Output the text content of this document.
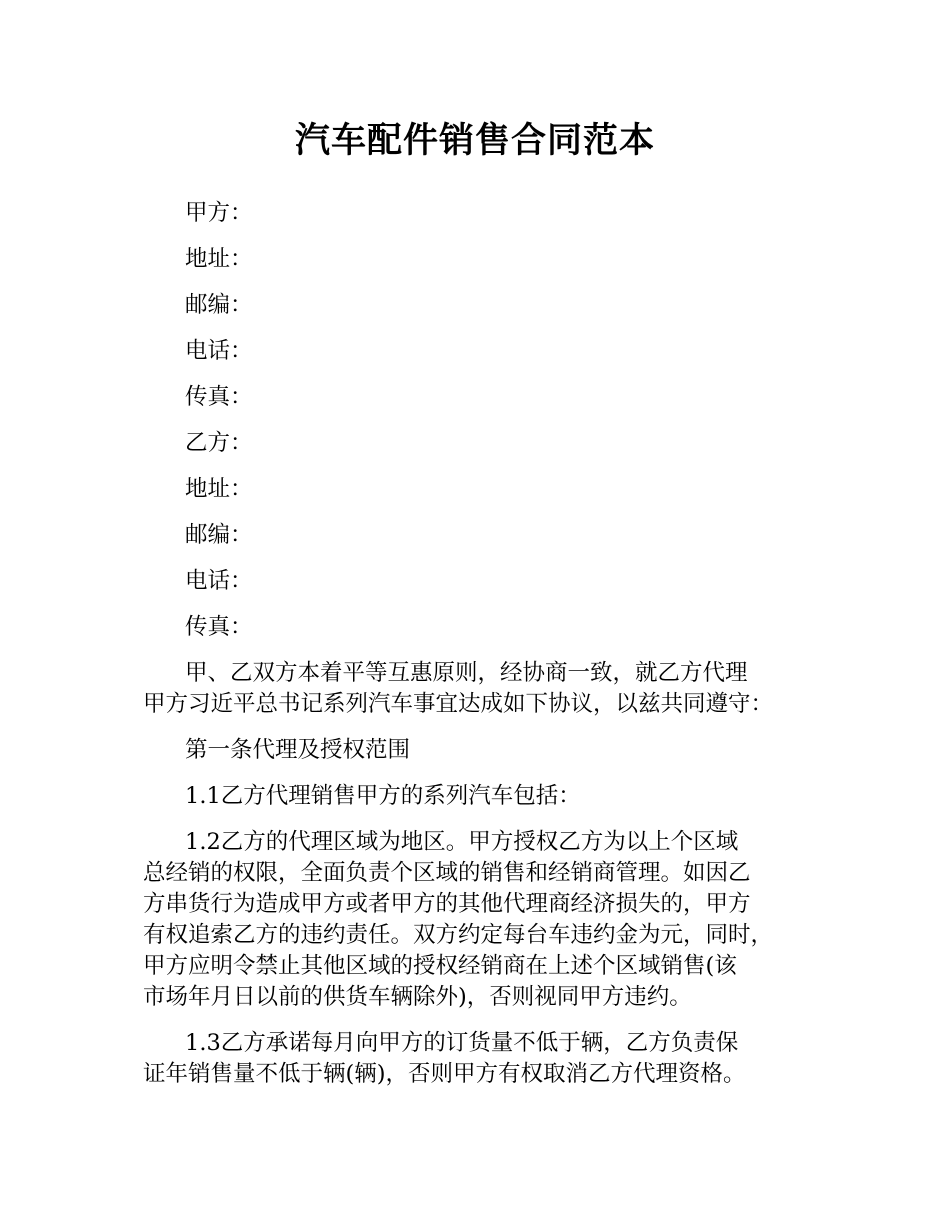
汽车配件销售合同范本
甲方：
地址：
邮编：
电话：
传真：
乙方：
地址：
邮编：
电话：
传真：
甲、乙双方本着平等互惠原则，经协商一致，就乙方代理
甲方习近平总书记系列汽车事宜达成如下协议，以兹共同遵守：
第一条代理及授权范围
1.1乙方代理销售甲方的系列汽车包括：
1.2乙方的代理区域为地区。甲方授权乙方为以上个区域
总经销的权限，全面负责个区域的销售和经销商管理。如因乙
方串货行为造成甲方或者甲方的其他代理商经济损失的，甲方
有权追索乙方的违约责任。双方约定每台车违约金为元，同时，
甲方应明令禁止其他区域的授权经销商在上述个区域销售(该
市场年月日以前的供货车辆除外)，否则视同甲方违约。
1.3乙方承诺每月向甲方的订货量不低于辆，乙方负责保
证年销售量不低于辆(辆)，否则甲方有权取消乙方代理资格。
